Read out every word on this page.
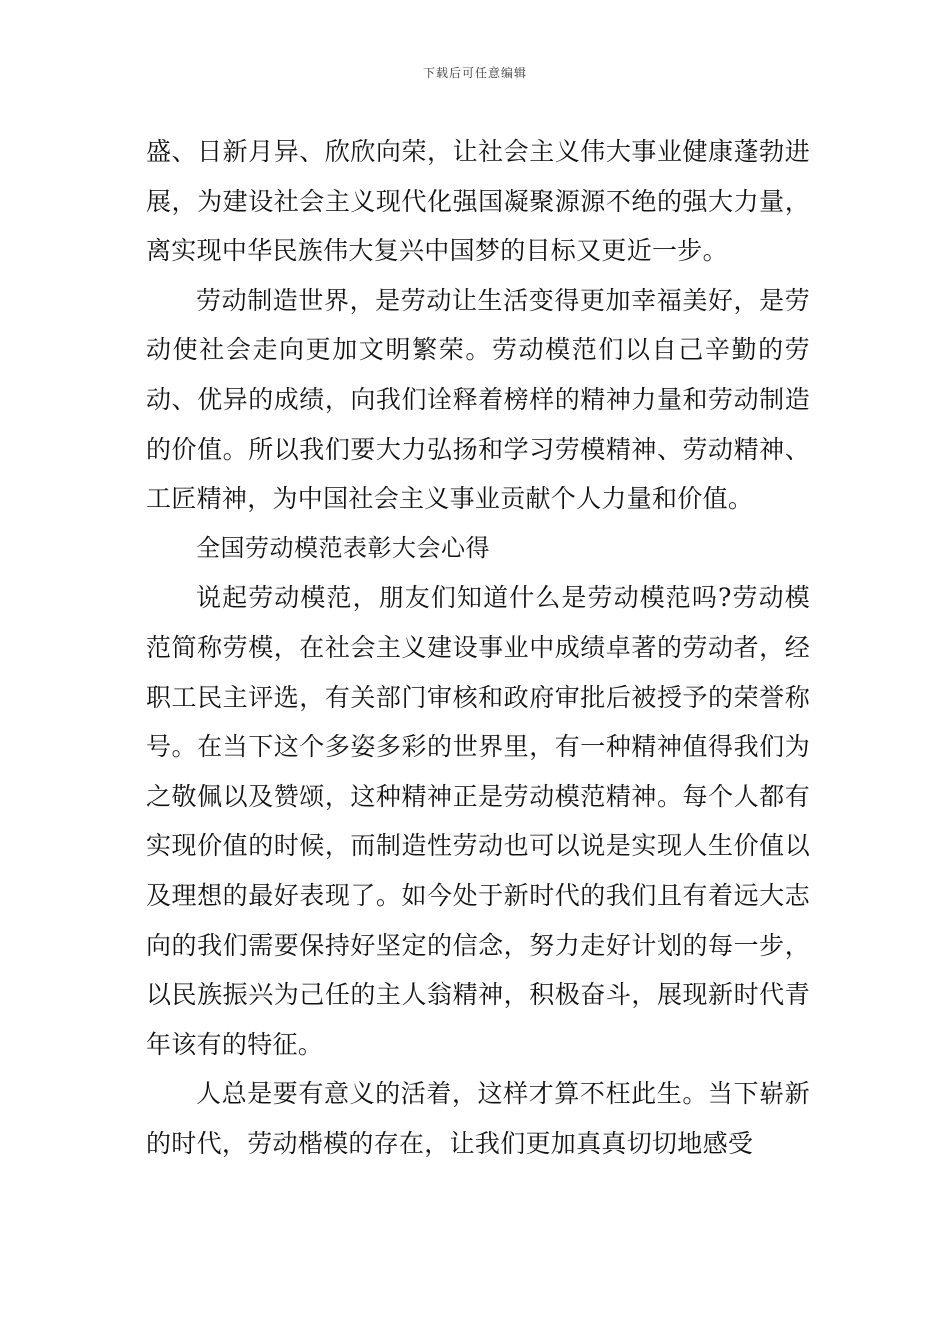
下载后可任意编辑

盛、日新月异、欣欣向荣，让社会主义伟大事业健康蓬勃进展，为建设社会主义现代化强国凝聚源源不绝的强大力量，离实现中华民族伟大复兴中国梦的目标又更近一步。

劳动制造世界，是劳动让生活变得更加幸福美好，是劳动使社会走向更加文明繁荣。劳动模范们以自己辛勤的劳动、优异的成绩，向我们诠释着榜样的精神力量和劳动制造的价值。所以我们要大力弘扬和学习劳模精神、劳动精神、工匠精神，为中国社会主义事业贡献个人力量和价值。

全国劳动模范表彰大会心得

说起劳动模范，朋友们知道什么是劳动模范吗?劳动模范简称劳模，在社会主义建设事业中成绩卓著的劳动者，经职工民主评选，有关部门审核和政府审批后被授予的荣誉称号。在当下这个多姿多彩的世界里，有一种精神值得我们为之敬佩以及赞颂，这种精神正是劳动模范精神。每个人都有实现价值的时候，而制造性劳动也可以说是实现人生价值以及理想的最好表现了。如今处于新时代的我们且有着远大志向的我们需要保持好坚定的信念，努力走好计划的每一步，以民族振兴为己任的主人翁精神，积极奋斗，展现新时代青年该有的特征。

人总是要有意义的活着，这样才算不枉此生。当下崭新的时代，劳动楷模的存在，让我们更加真真切切地感受
